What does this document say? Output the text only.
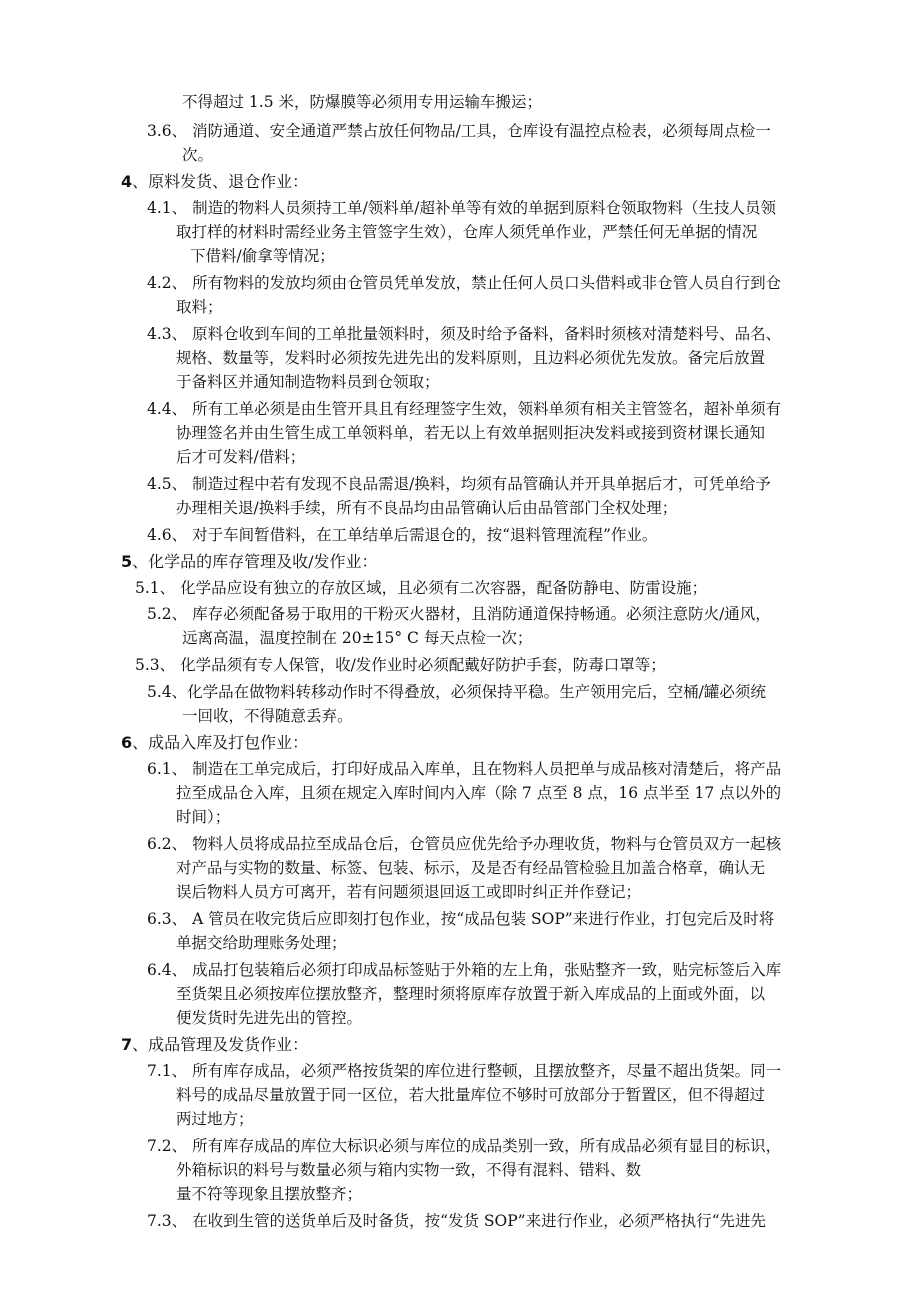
不得超过 1.5 米，防爆膜等必须用专用运输车搬运；
3.6、 消防通道、安全通道严禁占放任何物品/工具，仓库设有温控点检表，必须每周点检一
次。
4、原料发货、退仓作业：
4.1、 制造的物料人员须持工单/领料单/超补单等有效的单据到原料仓领取物料（生技人员领
取打样的材料时需经业务主管签字生效），仓库人须凭单作业，严禁任何无单据的情况
下借料/偷拿等情况；
4.2、 所有物料的发放均须由仓管员凭单发放，禁止任何人员口头借料或非仓管人员自行到仓
取料；
4.3、 原料仓收到车间的工单批量领料时，须及时给予备料，备料时须核对清楚料号、品名、
规格、数量等，发料时必须按先进先出的发料原则，且边料必须优先发放。备完后放置
于备料区并通知制造物料员到仓领取；
4.4、 所有工单必须是由生管开具且有经理签字生效，领料单须有相关主管签名，超补单须有
协理签名并由生管生成工单领料单，若无以上有效单据则拒决发料或接到资材课长通知
后才可发料/借料；
4.5、 制造过程中若有发现不良品需退/换料，均须有品管确认并开具单据后才，可凭单给予
办理相关退/换料手续，所有不良品均由品管确认后由品管部门全权处理；
4.6、 对于车间暂借料，在工单结单后需退仓的，按“退料管理流程”作业。
5、化学品的库存管理及收/发作业：
5.1、 化学品应设有独立的存放区域，且必须有二次容器，配备防静电、防雷设施；
5.2、 库存必须配备易于取用的干粉灭火器材，且消防通道保持畅通。必须注意防火/通风，
远离高温，温度控制在 20±15° C 每天点检一次；
5.3、 化学品须有专人保管，收/发作业时必须配戴好防护手套，防毒口罩等；
5.4、化学品在做物料转移动作时不得叠放，必须保持平稳。生产领用完后，空桶/罐必须统
一回收，不得随意丢弃。
6、成品入库及打包作业：
6.1、 制造在工单完成后，打印好成品入库单，且在物料人员把单与成品核对清楚后，将产品
拉至成品仓入库，且须在规定入库时间内入库（除 7 点至 8 点，16 点半至 17 点以外的
时间）；
6.2、 物料人员将成品拉至成品仓后，仓管员应优先给予办理收货，物料与仓管员双方一起核
对产品与实物的数量、标签、包装、标示，及是否有经品管检验且加盖合格章，确认无
误后物料人员方可离开，若有问题须退回返工或即时纠正并作登记；
6.3、 A 管员在收完货后应即刻打包作业，按“成品包装 SOP”来进行作业，打包完后及时将
单据交给助理账务处理；
6.4、 成品打包装箱后必须打印成品标签贴于外箱的左上角，张贴整齐一致，贴完标签后入库
至货架且必须按库位摆放整齐，整理时须将原库存放置于新入库成品的上面或外面，以
便发货时先进先出的管控。
7、成品管理及发货作业：
7.1、 所有库存成品，必须严格按货架的库位进行整顿，且摆放整齐，尽量不超出货架。同一
料号的成品尽量放置于同一区位，若大批量库位不够时可放部分于暂置区，但不得超过
两过地方；
7.2、 所有库存成品的库位大标识必须与库位的成品类别一致，所有成品必须有显目的标识，
外箱标识的料号与数量必须与箱内实物一致，不得有混料、错料、数
量不符等现象且摆放整齐；
7.3、 在收到生管的送货单后及时备货，按“发货 SOP”来进行作业，必须严格执行“先进先
